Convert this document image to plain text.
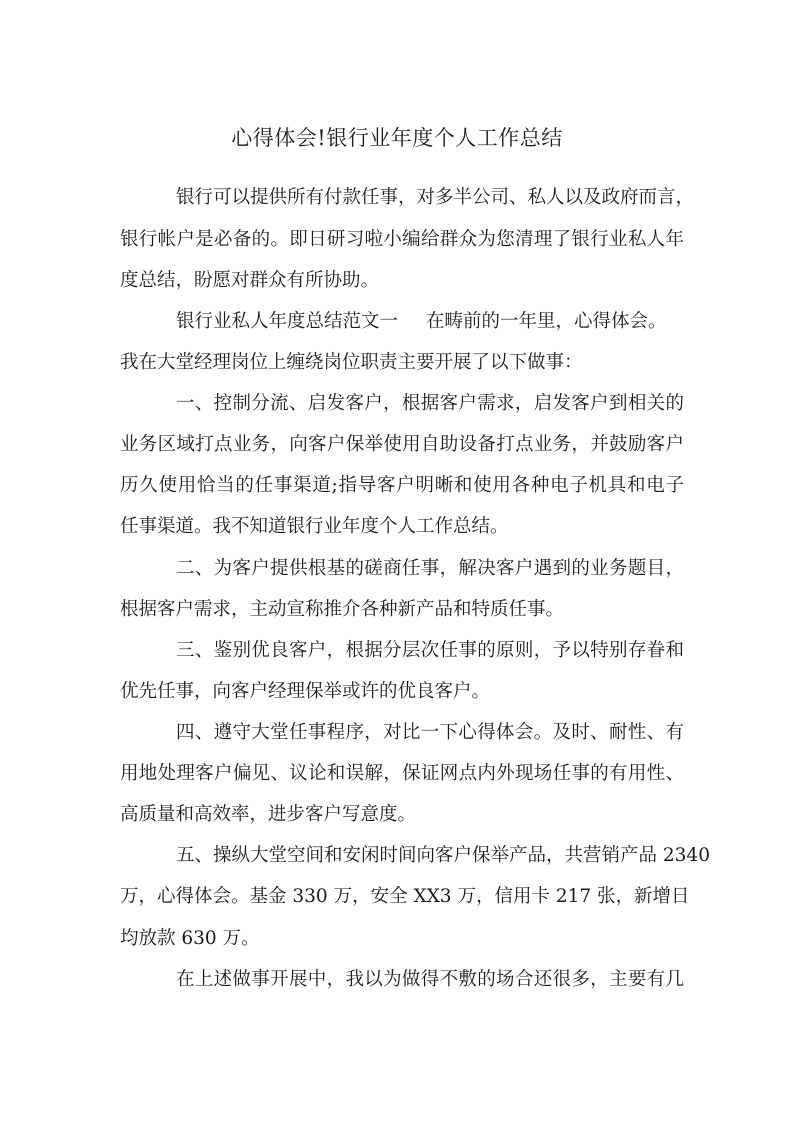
心得体会!银行业年度个人工作总结
银行可以提供所有付款任事，对多半公司、私人以及政府而言，
银行帐户是必备的。即日研习啦小编给群众为您清理了银行业私人年
度总结，盼愿对群众有所协助。
银行业私人年度总结范文一 在畴前的一年里，心得体会。
我在大堂经理岗位上缠绕岗位职责主要开展了以下做事：
一、控制分流、启发客户，根据客户需求，启发客户到相关的
业务区域打点业务，向客户保举使用自助设备打点业务，并鼓励客户
历久使用恰当的任事渠道;指导客户明晰和使用各种电子机具和电子
任事渠道。我不知道银行业年度个人工作总结。
二、为客户提供根基的磋商任事，解决客户遇到的业务题目，
根据客户需求，主动宣称推介各种新产品和特质任事。
三、鉴别优良客户，根据分层次任事的原则，予以特别存眷和
优先任事，向客户经理保举或许的优良客户。
四、遵守大堂任事程序，对比一下心得体会。及时、耐性、有
用地处理客户偏见、议论和误解，保证网点内外现场任事的有用性、
高质量和高效率，进步客户写意度。
五、操纵大堂空间和安闲时间向客户保举产品，共营销产品 2340
万，心得体会。基金 330 万，安全 XX3 万，信用卡 217 张，新增日
均放款 630 万。
在上述做事开展中，我以为做得不敷的场合还很多，主要有几
